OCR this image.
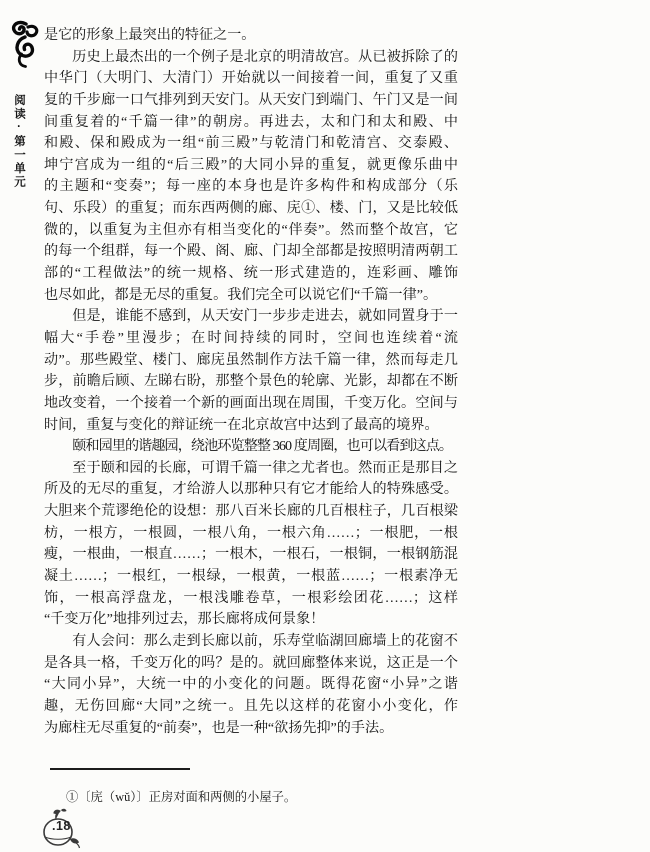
阅读·第一单元
是它的形象上最突出的特征之一。
历史上最杰出的一个例子是北京的明清故宫。从已被拆除了的
中华门（大明门、大清门）开始就以一间接着一间，重复了又重
复的千步廊一口气排列到天安门。从天安门到端门、午门又是一间
间重复着的“千篇一律”的朝房。再进去，太和门和太和殿、中
和殿、保和殿成为一组“前三殿”与乾清门和乾清宫、交泰殿、
坤宁宫成为一组的“后三殿”的大同小异的重复，就更像乐曲中
的主题和“变奏”；每一座的本身也是许多构件和构成部分（乐
句、乐段）的重复；而东西两侧的廊、庑①、楼、门，又是比较低
微的，以重复为主但亦有相当变化的“伴奏”。然而整个故宫，它
的每一个组群，每一个殿、阁、廊、门却全部都是按照明清两朝工
部的“工程做法”的统一规格、统一形式建造的，连彩画、雕饰
也尽如此，都是无尽的重复。我们完全可以说它们“千篇一律”。
但是，谁能不感到，从天安门一步步走进去，就如同置身于一
幅大“手卷”里漫步；在时间持续的同时，空间也连续着“流
动”。那些殿堂、楼门、廊庑虽然制作方法千篇一律，然而每走几
步，前瞻后顾、左睇右盼，那整个景色的轮廓、光影，却都在不断
地改变着，一个接着一个新的画面出现在周围，千变万化。空间与
时间，重复与变化的辩证统一在北京故宫中达到了最高的境界。
颐和园里的谐趣园，绕池环览整整 360 度周圈，也可以看到这点。
至于颐和园的长廊，可谓千篇一律之尤者也。然而正是那目之
所及的无尽的重复，才给游人以那种只有它才能给人的特殊感受。
大胆来个荒谬绝伦的设想：那八百米长廊的几百根柱子，几百根梁
枋，一根方，一根圆，一根八角，一根六角……；一根肥，一根
瘦，一根曲，一根直……；一根木，一根石，一根铜，一根钢筋混
凝土……；一根红，一根绿，一根黄，一根蓝……；一根素净无
饰，一根高浮盘龙，一根浅雕卷草，一根彩绘团花……；这样
“千变万化”地排列过去，那长廊将成何景象！
有人会问：那么走到长廊以前，乐寿堂临湖回廊墙上的花窗不
是各具一格，千变万化的吗？是的。就回廊整体来说，这正是一个
“大同小异”，大统一中的小变化的问题。既得花窗“小异”之谐
趣，无伤回廊“大同”之统一。且先以这样的花窗小小变化，作
为廊柱无尽重复的“前奏”，也是一种“欲扬先抑”的手法。
①〔庑（wǔ）〕正房对面和两侧的小屋子。
.18
